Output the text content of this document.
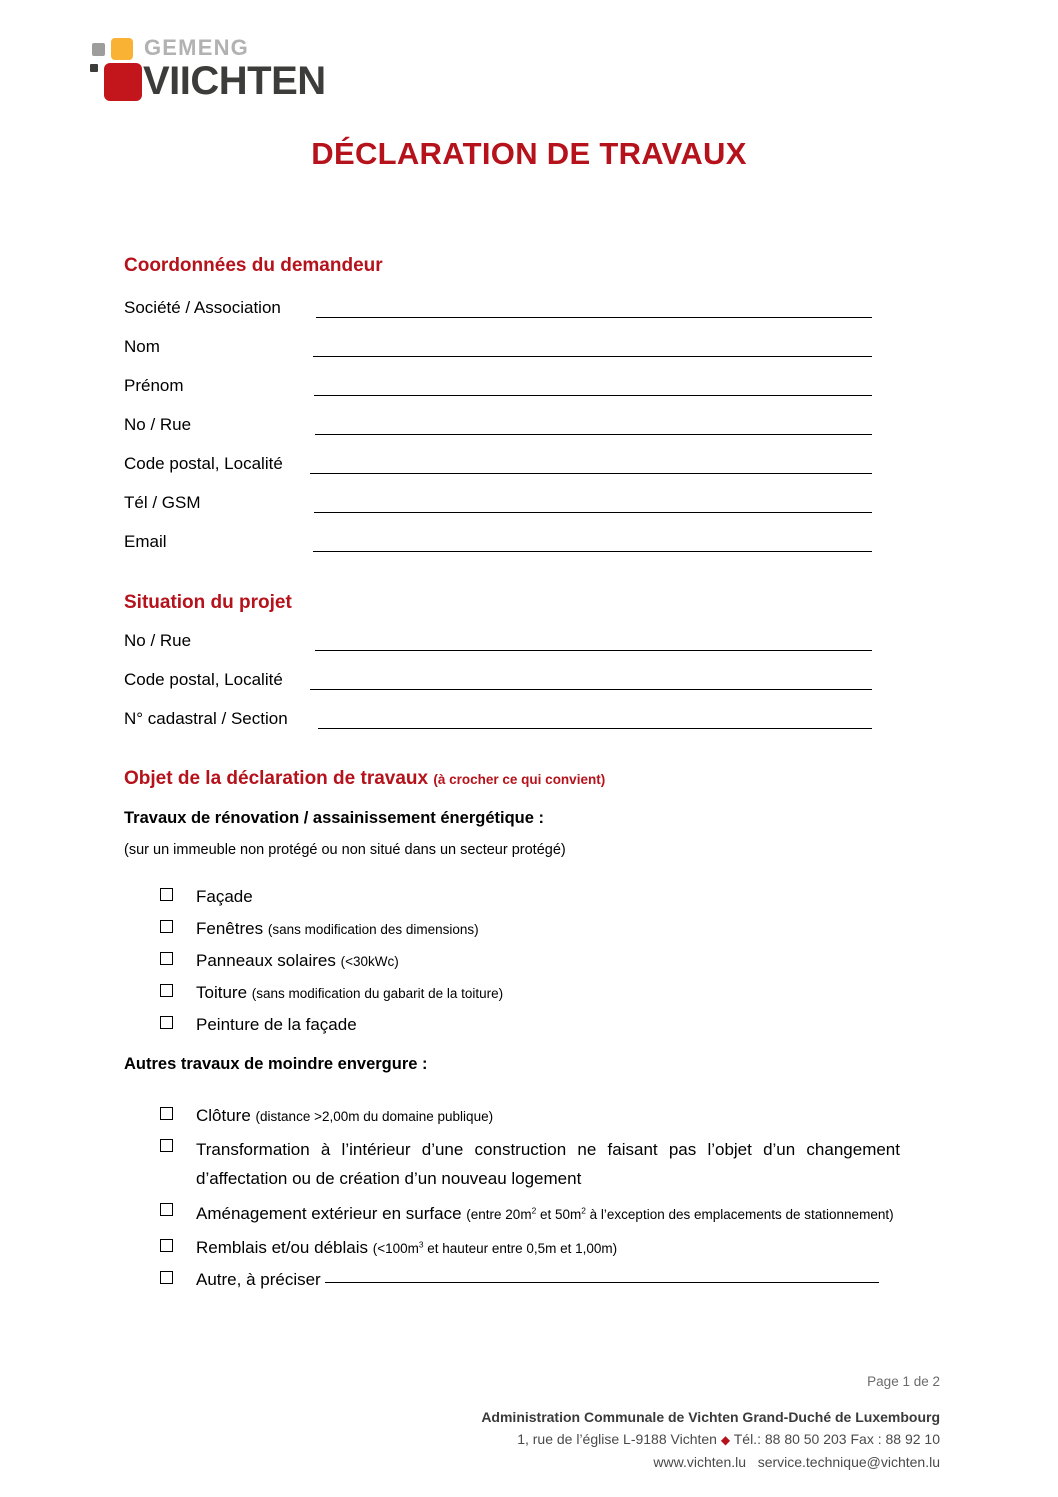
GEMENG
VIICHTEN
DÉCLARATION DE TRAVAUX
Coordonnées du demandeur
Société / Association
Nom
Prénom
No / Rue
Code postal, Localité
Tél / GSM
Email
Situation du projet
No / Rue
Code postal, Localité
N° cadastral / Section
Objet de la déclaration de travaux (à crocher ce qui convient)
Travaux de rénovation / assainissement énergétique :
(sur un immeuble non protégé ou non situé dans un secteur protégé)
Façade
Fenêtres (sans modification des dimensions)
Panneaux solaires (<30kWc)
Toiture (sans modification du gabarit de la toiture)
Peinture de la façade
Autres travaux de moindre envergure :
Clôture (distance >2,00m du domaine publique)
Transformation à l’intérieur d’une construction ne faisant pas l’objet d’un changement d’affectation ou de création d’un nouveau logement
Aménagement extérieur en surface (entre $20m^2$ et $50m^2$ à l’exception des emplacements de stationnement)
Remblais et/ou déblais ($<100m^3$ et hauteur entre 0,5m et 1,00m)
Autre, à préciser
Page 1 de 2
Administration Communale de Vichten Grand-Duché de Luxembourg
1, rue de l’église L-9188 Vichten ◆ Tél.: 88 80 50 203 Fax : 88 92 10
www.vichten.lu service.technique@vichten.lu
